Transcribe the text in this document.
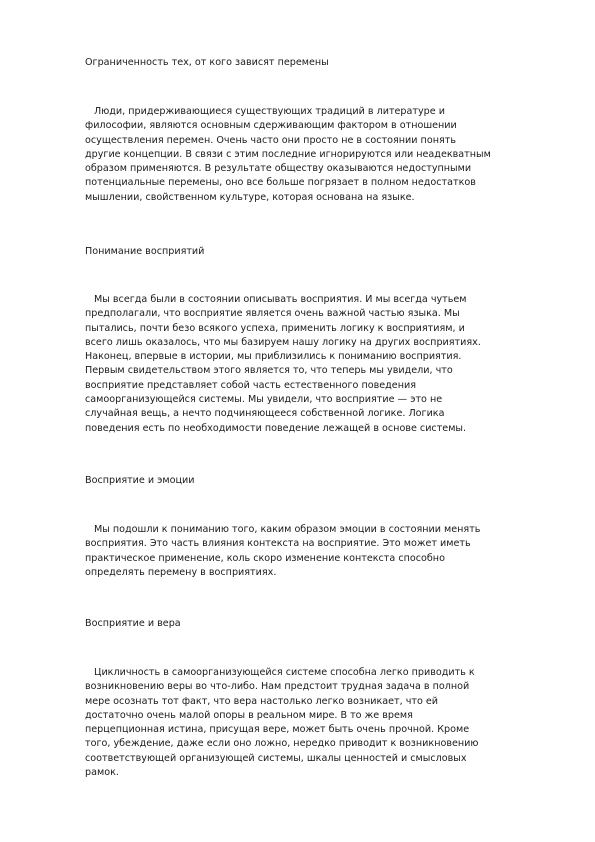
Ограниченность тех, от кого зависят перемены
Люди, придерживающиеся существующих традиций в литературе и
философии, являются основным сдерживающим фактором в отношении
осуществления перемен. Очень часто они просто не в состоянии понять
другие концепции. В связи с этим последние игнорируются или неадекватным
образом применяются. В результате обществу оказываются недоступными
потенциальные перемены, оно все больше погрязает в полном недостатков
мышлении, свойственном культуре, которая основана на языке.
Понимание восприятий
Мы всегда были в состоянии описывать восприятия. И мы всегда чутьем
предполагали, что восприятие является очень важной частью языка. Мы
пытались, почти безо всякого успеха, применить логику к восприятиям, и
всего лишь оказалось, что мы базируем нашу логику на других восприятиях.
Наконец, впервые в истории, мы приблизились к пониманию восприятия.
Первым свидетельством этого является то, что теперь мы увидели, что
восприятие представляет собой часть естественного поведения
самоорганизующейся системы. Мы увидели, что восприятие — это не
случайная вещь, а нечто подчиняющееся собственной логике. Логика
поведения есть по необходимости поведение лежащей в основе системы.
Восприятие и эмоции
Мы подошли к пониманию того, каким образом эмоции в состоянии менять
восприятия. Это часть влияния контекста на восприятие. Это может иметь
практическое применение, коль скоро изменение контекста способно
определять перемену в восприятиях.
Восприятие и вера
Цикличность в самоорганизующейся системе способна легко приводить к
возникновению веры во что-либо. Нам предстоит трудная задача в полной
мере осознать тот факт, что вера настолько легко возникает, что ей
достаточно очень малой опоры в реальном мире. В то же время
перцепционная истина, присущая вере, может быть очень прочной. Кроме
того, убеждение, даже если оно ложно, нередко приводит к возникновению
соответствующей организующей системы, шкалы ценностей и смысловых
рамок.
